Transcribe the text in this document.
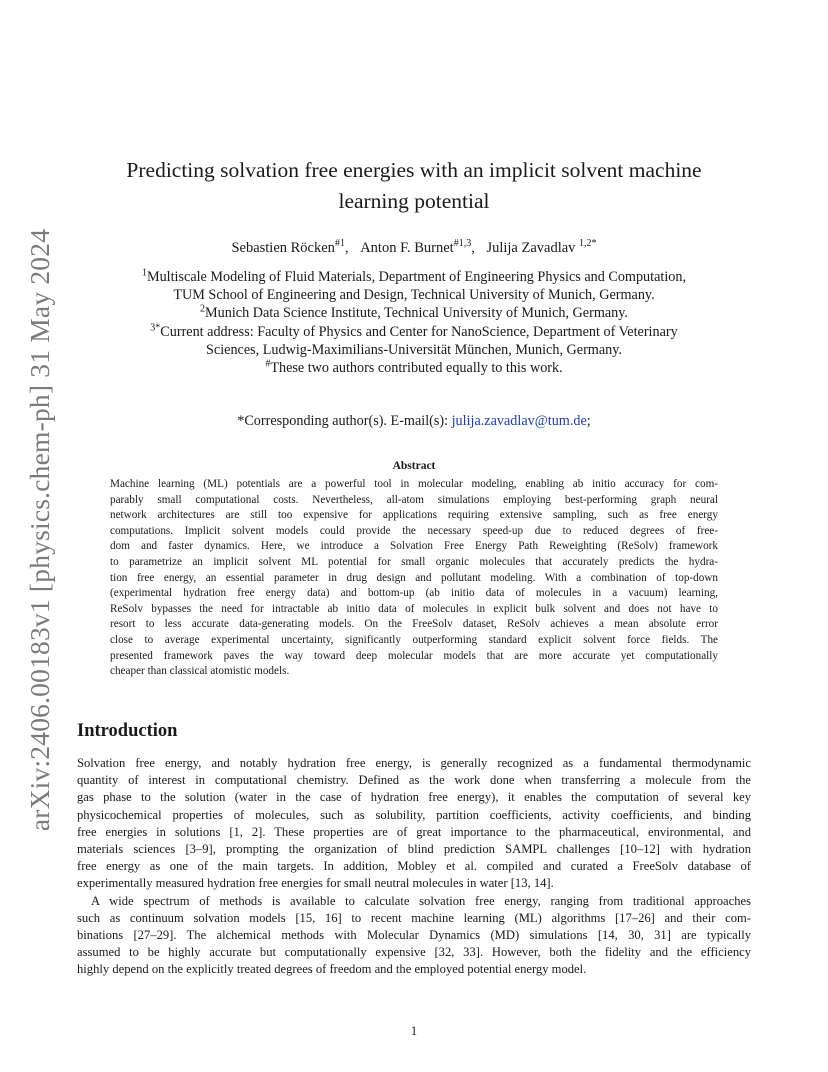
arXiv:2406.00183v1 [physics.chem-ph] 31 May 2024
Predicting solvation free energies with an implicit solvent machine
learning potential
Sebastien Röcken$^{\#1}$, Anton F. Burnet$^{\#1,3}$, Julija Zavadlav $^{1,2*}$
$^1$Multiscale Modeling of Fluid Materials, Department of Engineering Physics and Computation,
TUM School of Engineering and Design, Technical University of Munich, Germany.
$^2$Munich Data Science Institute, Technical University of Munich, Germany.
$^{3*}$Current address: Faculty of Physics and Center for NanoScience, Department of Veterinary
Sciences, Ludwig-Maximilians-Universität München, Munich, Germany.
#These two authors contributed equally to this work.
*Corresponding author(s). E-mail(s): julija.zavadlav@tum.de;
Abstract
Machine learning (ML) potentials are a powerful tool in molecular modeling, enabling ab initio accuracy for com-
parably small computational costs. Nevertheless, all-atom simulations employing best-performing graph neural
network architectures are still too expensive for applications requiring extensive sampling, such as free energy
computations. Implicit solvent models could provide the necessary speed-up due to reduced degrees of free-
dom and faster dynamics. Here, we introduce a Solvation Free Energy Path Reweighting (ReSolv) framework
to parametrize an implicit solvent ML potential for small organic molecules that accurately predicts the hydra-
tion free energy, an essential parameter in drug design and pollutant modeling. With a combination of top-down
(experimental hydration free energy data) and bottom-up (ab initio data of molecules in a vacuum) learning,
ReSolv bypasses the need for intractable ab initio data of molecules in explicit bulk solvent and does not have to
resort to less accurate data-generating models. On the FreeSolv dataset, ReSolv achieves a mean absolute error
close to average experimental uncertainty, significantly outperforming standard explicit solvent force fields. The
presented framework paves the way toward deep molecular models that are more accurate yet computationally
cheaper than classical atomistic models.
Introduction
Solvation free energy, and notably hydration free energy, is generally recognized as a fundamental thermodynamic
quantity of interest in computational chemistry. Defined as the work done when transferring a molecule from the
gas phase to the solution (water in the case of hydration free energy), it enables the computation of several key
physicochemical properties of molecules, such as solubility, partition coefficients, activity coefficients, and binding
free energies in solutions [1, 2]. These properties are of great importance to the pharmaceutical, environmental, and
materials sciences [3–9], prompting the organization of blind prediction SAMPL challenges [10–12] with hydration
free energy as one of the main targets. In addition, Mobley et al. compiled and curated a FreeSolv database of
experimentally measured hydration free energies for small neutral molecules in water [13, 14].
A wide spectrum of methods is available to calculate solvation free energy, ranging from traditional approaches
such as continuum solvation models [15, 16] to recent machine learning (ML) algorithms [17–26] and their com-
binations [27–29]. The alchemical methods with Molecular Dynamics (MD) simulations [14, 30, 31] are typically
assumed to be highly accurate but computationally expensive [32, 33]. However, both the fidelity and the efficiency
highly depend on the explicitly treated degrees of freedom and the employed potential energy model.
1
